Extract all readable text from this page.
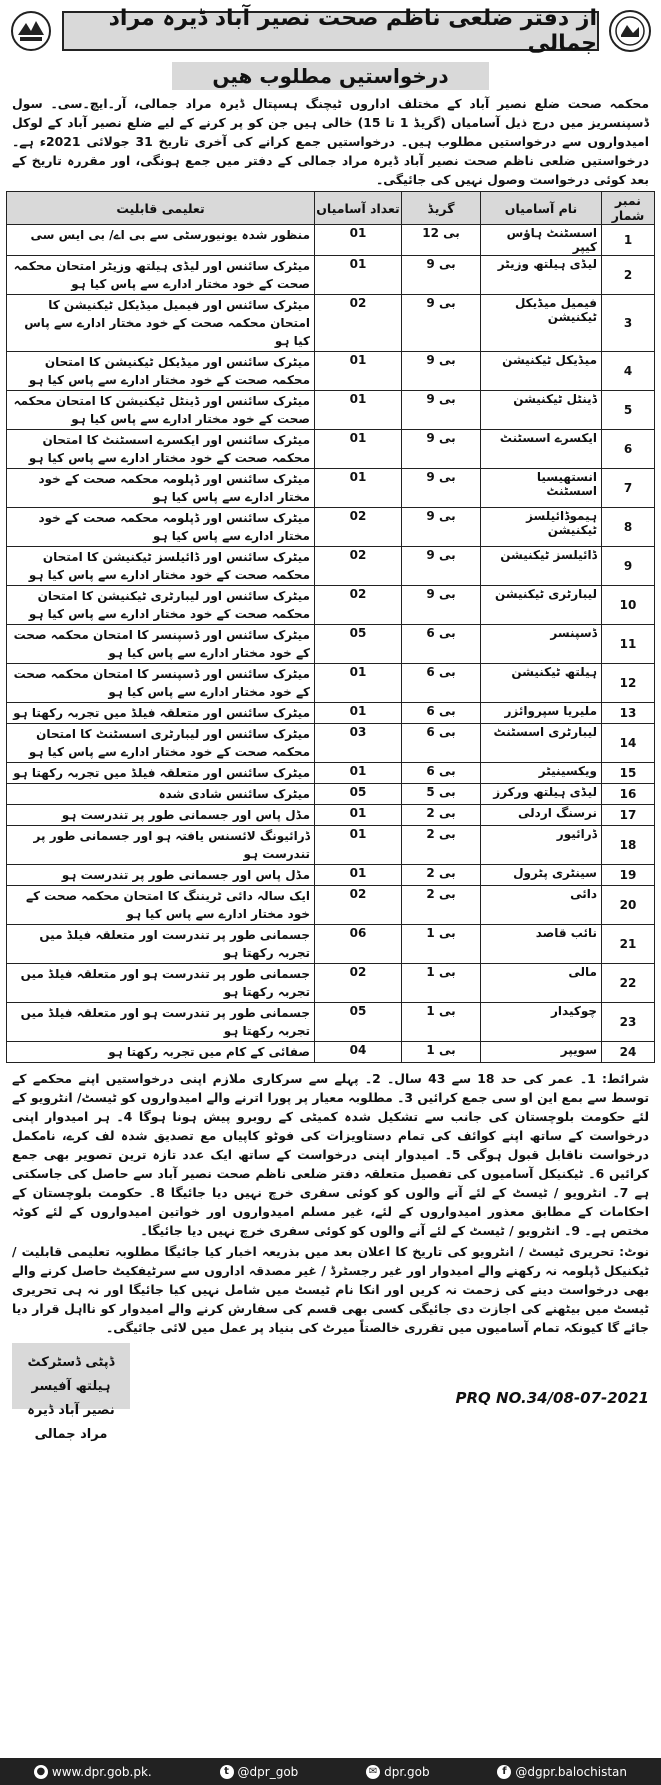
از دفتر ضلعی ناظم صحت نصیر آباد ڈیرہ مراد جمالی
درخواستیں مطلوب ھیں
محکمہ صحت ضلع نصیر آباد کے مختلف اداروں ٹیچنگ ہسپتال ڈیرہ مراد جمالی، آر۔ایچ۔سی۔ سول ڈسپنسریز میں درج ذیل آسامیاں (گریڈ 1 تا 15) خالی ہیں جن کو پر کرنے کے لیے ضلع نصیر آباد کے لوکل امیدواروں سے درخواستیں مطلوب ہیں۔ درخواستیں جمع کرانے کی آخری تاریخ 31 جولائی 2021ء ہے۔ درخواستیں ضلعی ناظم صحت نصیر آباد ڈیرہ مراد جمالی کے دفتر میں جمع ہونگی، اور مقررہ تاریخ کے بعد کوئی درخواست وصول نہیں کی جائیگی۔
نمبر شمار	نام آسامیاں	گریڈ	تعداد آسامیاں	تعلیمی قابلیت
1	اسسٹنٹ ہاؤس کیپر	بی 12	01	منظور شدہ یونیورسٹی سے بی اے/ بی ایس سی
2	لیڈی ہیلتھ وزیٹر	بی 9	01	میٹرک سائنس اور لیڈی ہیلتھ وزیٹر امتحان محکمہ صحت کے خود مختار ادارے سے پاس کیا ہو
3	فیمیل میڈیکل ٹیکنیشن	بی 9	02	میٹرک سائنس اور فیمیل میڈیکل ٹیکنیشن کا امتحان محکمہ صحت کے خود مختار ادارے سے پاس کیا ہو
4	میڈیکل ٹیکنیشن	بی 9	01	میٹرک سائنس اور میڈیکل ٹیکنیشن کا امتحان محکمہ صحت کے خود مختار ادارے سے پاس کیا ہو
5	ڈینٹل ٹیکنیشن	بی 9	01	میٹرک سائنس اور ڈینٹل ٹیکنیشن کا امتحان محکمہ صحت کے خود مختار ادارے سے پاس کیا ہو
6	ایکسرے اسسٹنٹ	بی 9	01	میٹرک سائنس اور ایکسرے اسسٹنٹ کا امتحان محکمہ صحت کے خود مختار ادارے سے پاس کیا ہو
7	انستھیسیا اسسٹنٹ	بی 9	01	میٹرک سائنس اور ڈپلومہ محکمہ صحت کے خود مختار ادارے سے پاس کیا ہو
8	ہیموڈائیلسز ٹیکنیشن	بی 9	02	میٹرک سائنس اور ڈپلومہ محکمہ صحت کے خود مختار ادارے سے پاس کیا ہو
9	ڈائیلسز ٹیکنیشن	بی 9	02	میٹرک سائنس اور ڈائیلسز ٹیکنیشن کا امتحان محکمہ صحت کے خود مختار ادارے سے پاس کیا ہو
10	لیبارٹری ٹیکنیشن	بی 9	02	میٹرک سائنس اور لیبارٹری ٹیکنیشن کا امتحان محکمہ صحت کے خود مختار ادارے سے پاس کیا ہو
11	ڈسپنسر	بی 6	05	میٹرک سائنس اور ڈسپنسر کا امتحان محکمہ صحت کے خود مختار ادارے سے پاس کیا ہو
12	ہیلتھ ٹیکنیشن	بی 6	01	میٹرک سائنس اور ڈسپنسر کا امتحان محکمہ صحت کے خود مختار ادارے سے پاس کیا ہو
13	ملیریا سپروائزر	بی 6	01	میٹرک سائنس اور متعلقہ فیلڈ میں تجربہ رکھتا ہو
14	لیبارٹری اسسٹنٹ	بی 6	03	میٹرک سائنس اور لیبارٹری اسسٹنٹ کا امتحان محکمہ صحت کے خود مختار ادارے سے پاس کیا ہو
15	ویکسینیٹر	بی 6	01	میٹرک سائنس اور متعلقہ فیلڈ میں تجربہ رکھتا ہو
16	لیڈی ہیلتھ ورکرز	بی 5	05	میٹرک سائنس شادی شدہ
17	نرسنگ اردلی	بی 2	01	مڈل پاس اور جسمانی طور پر تندرست ہو
18	ڈرائیور	بی 2	01	ڈرائیونگ لائسنس یافتہ ہو اور جسمانی طور پر تندرست ہو
19	سینٹری پٹرول	بی 2	01	مڈل پاس اور جسمانی طور پر تندرست ہو
20	دائی	بی 2	02	ایک سالہ دائی ٹریننگ کا امتحان محکمہ صحت کے خود مختار ادارے سے پاس کیا ہو
21	نائب قاصد	بی 1	06	جسمانی طور پر تندرست اور متعلقہ فیلڈ میں تجربہ رکھتا ہو
22	مالی	بی 1	02	جسمانی طور پر تندرست ہو اور متعلقہ فیلڈ میں تجربہ رکھتا ہو
23	چوکیدار	بی 1	05	جسمانی طور پر تندرست ہو اور متعلقہ فیلڈ میں تجربہ رکھتا ہو
24	سویپر	بی 1	04	صفائی کے کام میں تجربہ رکھتا ہو
شرائط: 1۔ عمر کی حد 18 سے 43 سال۔ 2۔ پہلے سے سرکاری ملازم اپنی درخواستیں اپنے محکمے کے توسط سے بمع این او سی جمع کرائیں 3۔ مطلوبہ معیار پر پورا اترنے والے امیدواروں کو ٹیسٹ/ انٹرویو کے لئے حکومت بلوچستان کی جانب سے تشکیل شدہ کمیٹی کے روبرو پیش ہونا ہوگا 4۔ ہر امیدوار اپنی درخواست کے ساتھ اپنے کوائف کی تمام دستاویزات کی فوٹو کاپیاں مع تصدیق شدہ لف کرے، نامکمل درخواست ناقابل قبول ہوگی 5۔ امیدوار اپنی درخواست کے ساتھ ایک عدد تازہ ترین تصویر بھی جمع کرائیں 6۔ ٹیکنیکل آسامیوں کی تفصیل متعلقہ دفتر ضلعی ناظم صحت نصیر آباد سے حاصل کی جاسکتی ہے 7۔ انٹرویو / ٹیسٹ کے لئے آنے والوں کو کوئی سفری خرچ نہیں دیا جائیگا 8۔ حکومت بلوچستان کے احکامات کے مطابق معذور امیدواروں کے لئے، غیر مسلم امیدواروں اور خواتین امیدواروں کے لئے کوٹہ مختص ہے۔ 9۔ انٹرویو / ٹیسٹ کے لئے آنے والوں کو کوئی سفری خرچ نہیں دیا جائیگا۔
نوٹ: تحریری ٹیسٹ / انٹرویو کی تاریخ کا اعلان بعد میں بذریعہ اخبار کیا جائیگا مطلوبہ تعلیمی قابلیت / ٹیکنیکل ڈپلومہ نہ رکھنے والے امیدوار اور غیر رجسٹرڈ / غیر مصدقہ اداروں سے سرٹیفکیٹ حاصل کرنے والے بھی درخواست دینے کی زحمت نہ کریں اور انکا نام ٹیسٹ میں شامل نہیں کیا جائیگا اور نہ ہی تحریری ٹیسٹ میں بیٹھنے کی اجازت دی جائیگی کسی بھی قسم کی سفارش کرنے والے امیدوار کو نااہل قرار دیا جائے گا کیونکہ تمام آسامیوں میں تقرری خالصتاً میرٹ کی بنیاد پر عمل میں لائی جائیگی۔
ڈپٹی ڈسٹرکٹ ہیلتھ آفیسر
نصیر آباد ڈیرہ مراد جمالی
PRQ NO.34/08-07-2021
● www.dpr.gob.pk.	t @dpr_gob	✉ dpr.gob	f @dgpr.balochistan
